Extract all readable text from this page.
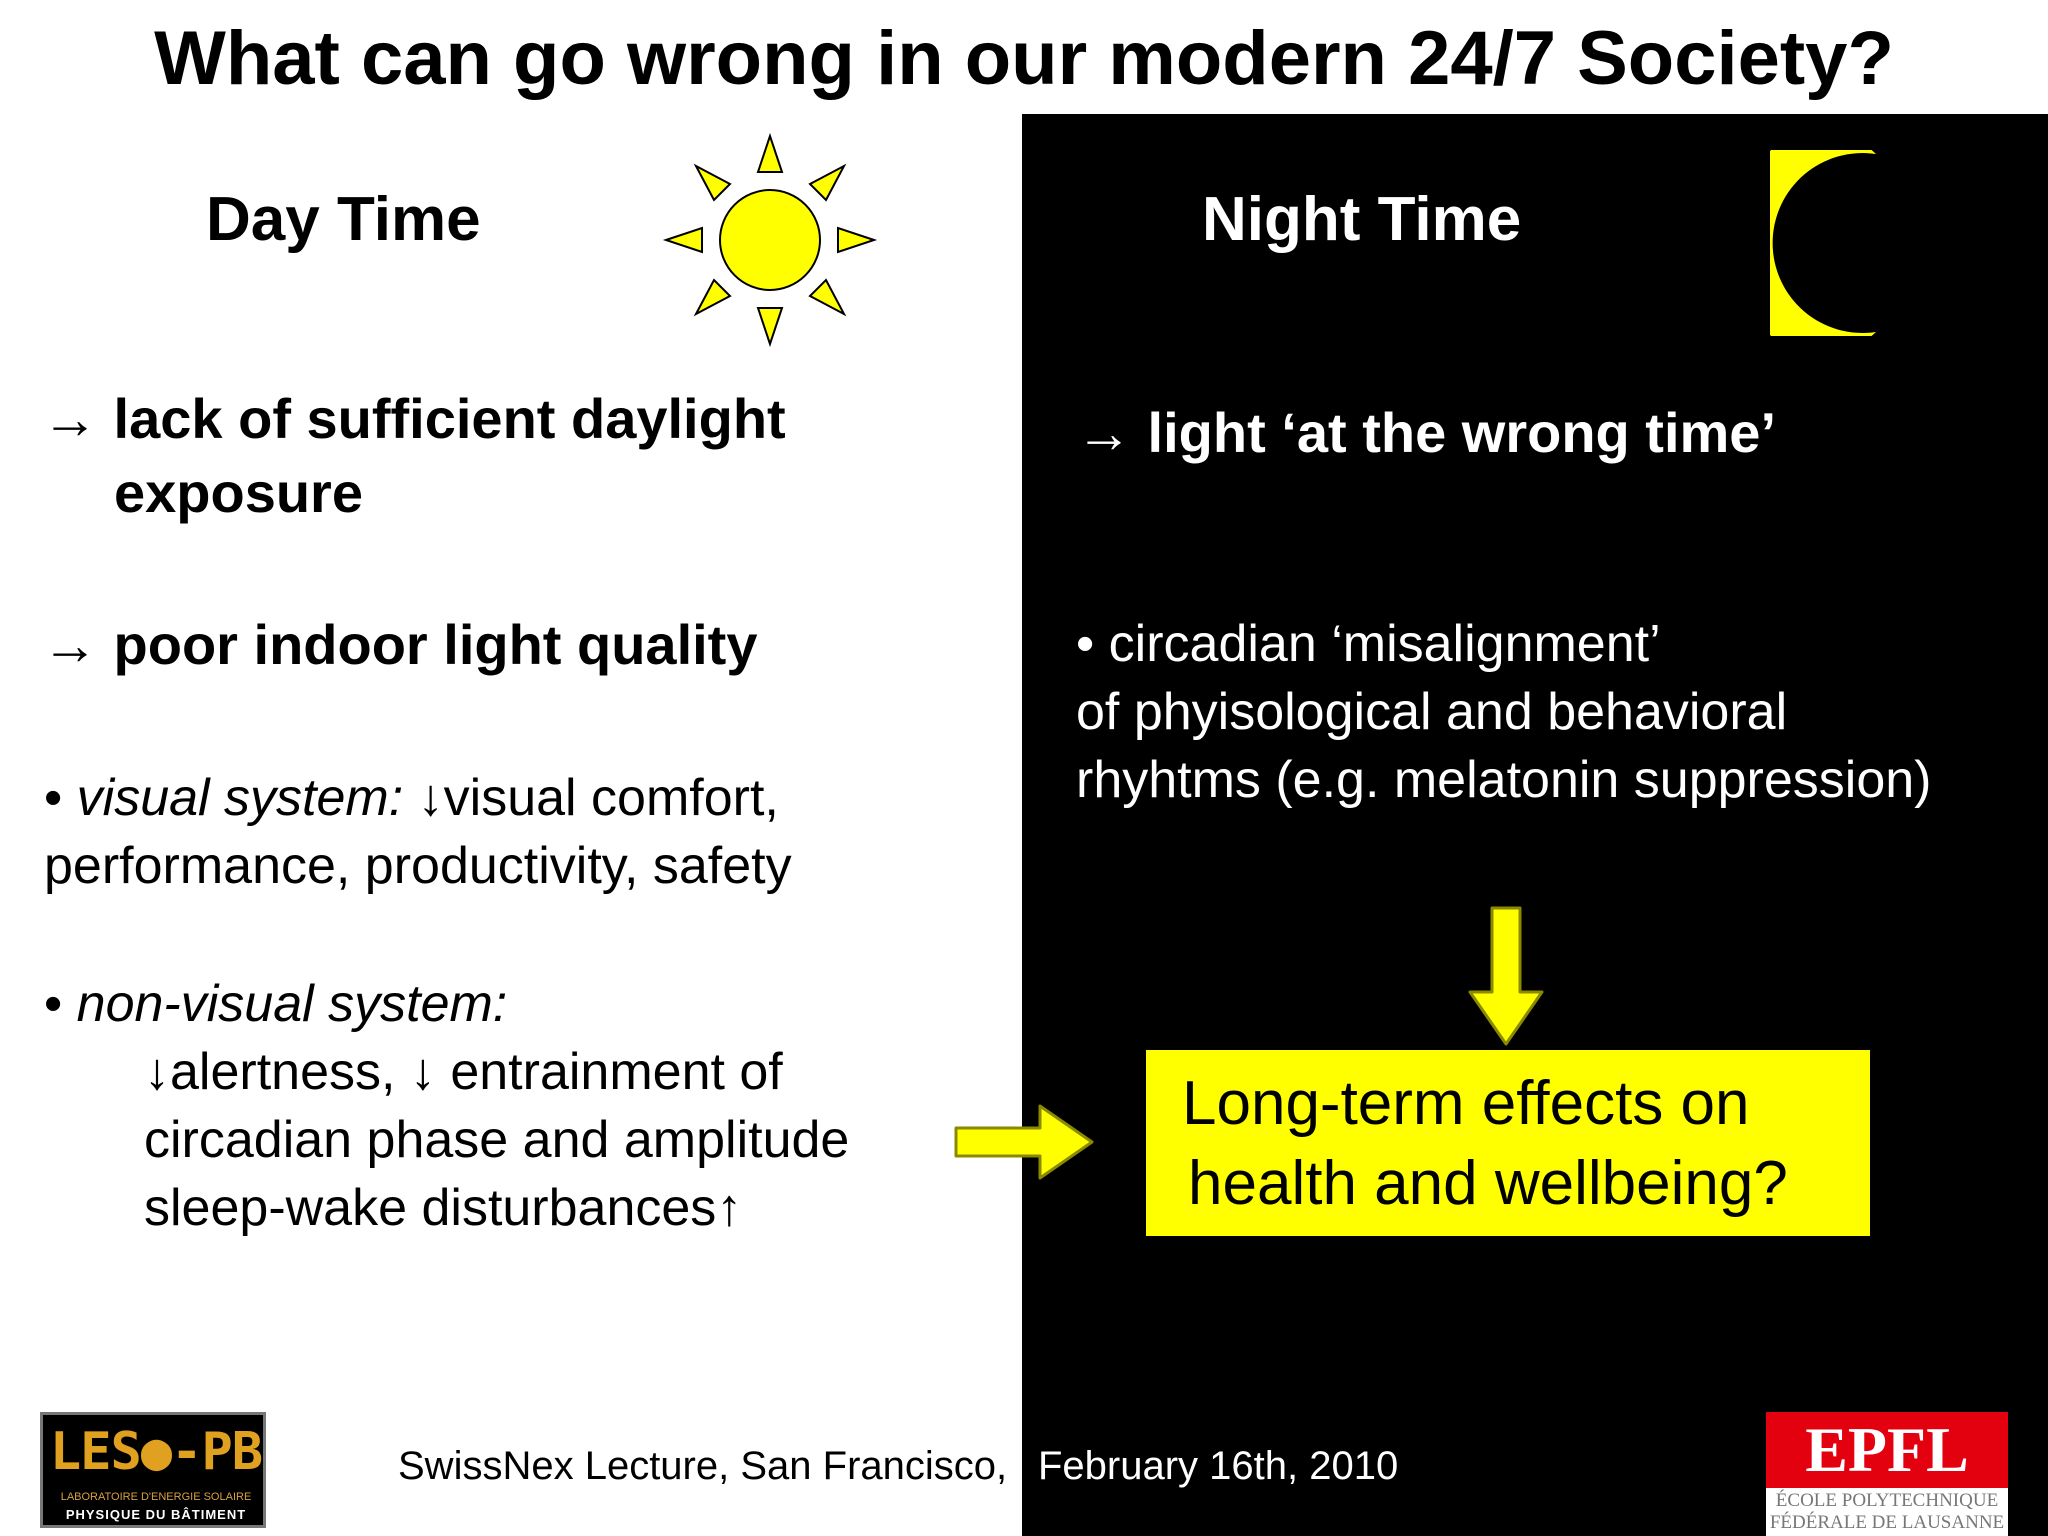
What can go wrong in our modern 24/7 Society?
Day Time
→ lack of sufficient daylight
exposure
→ poor indoor light quality
• visual system: ↓visual comfort,
performance, productivity, safety
• non-visual system:
↓alertness, ↓ entrainment of
circadian phase and amplitude
sleep-wake disturbances↑
Night Time
→ light ‘at the wrong time’
• circadian ‘misalignment’
of phyisological and behavioral
rhyhtms (e.g. melatonin suppression)
Long-term effects on
health and wellbeing?
LES●-PB
LABORATOIRE D'ENERGIE SOLAIRE
PHYSIQUE DU BÂTIMENT
SwissNex Lecture, San Francisco, February 16th, 2010	EPFL
ÉCOLE POLYTECHNIQUE
FÉDÉRALE DE LAUSANNE
